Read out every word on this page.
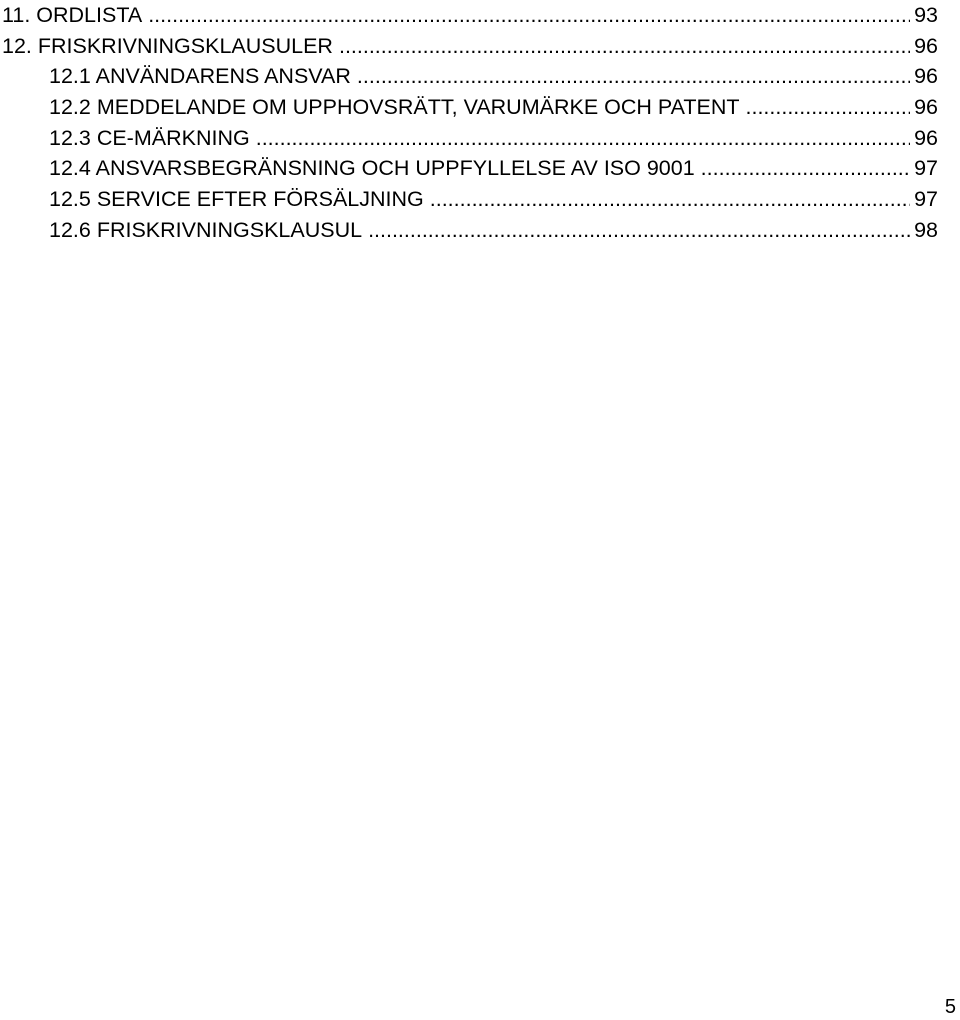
11. ORDLISTA .....	93
12. FRISKRIVNINGSKLAUSULER .....	96
12.1 ANVÄNDARENS ANSVAR .....	96
12.2 MEDDELANDE OM UPPHOVSRÄTT, VARUMÄRKE OCH PATENT .....	96
12.3 CE-MÄRKNING .....	96
12.4 ANSVARSBEGRÄNSNING OCH UPPFYLLELSE AV ISO 9001 .....	97
12.5 SERVICE EFTER FÖRSÄLJNING .....	97
12.6 FRISKRIVNINGSKLAUSUL .....	98
5
